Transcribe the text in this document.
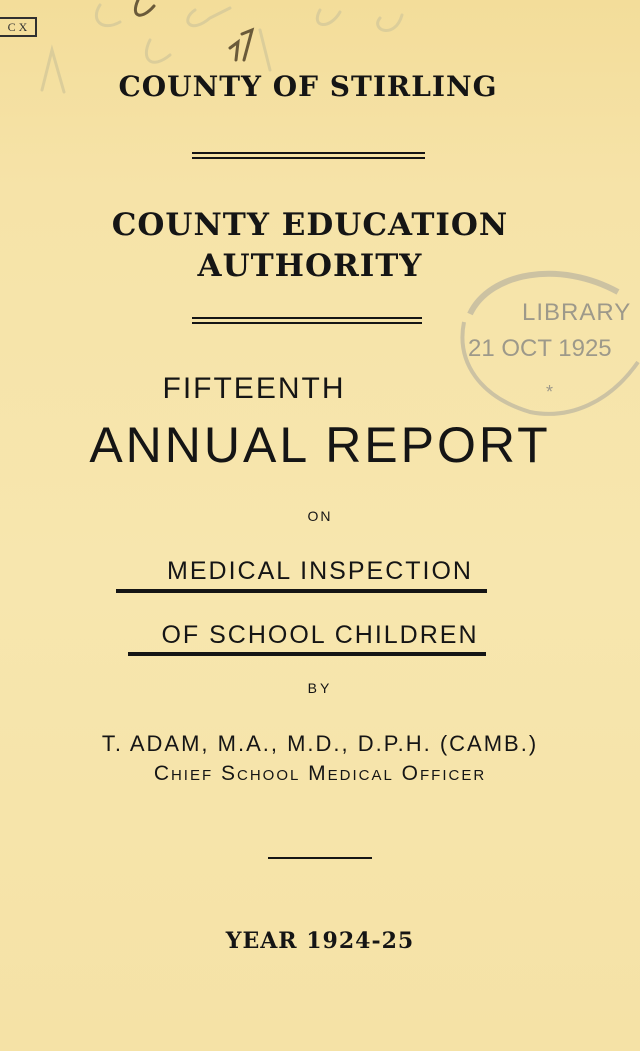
C X
COUNTY OF STIRLING
COUNTY EDUCATION AUTHORITY
LIBRARY
21 OCT 1925
*
FIFTEENTH
ANNUAL REPORT

ON

MEDICAL INSPECTION

OF SCHOOL CHILDREN

BY

T. ADAM, M.A., M.D., D.P.H. (CAMB.)

Chief School Medical Officer

YEAR 1924-25
